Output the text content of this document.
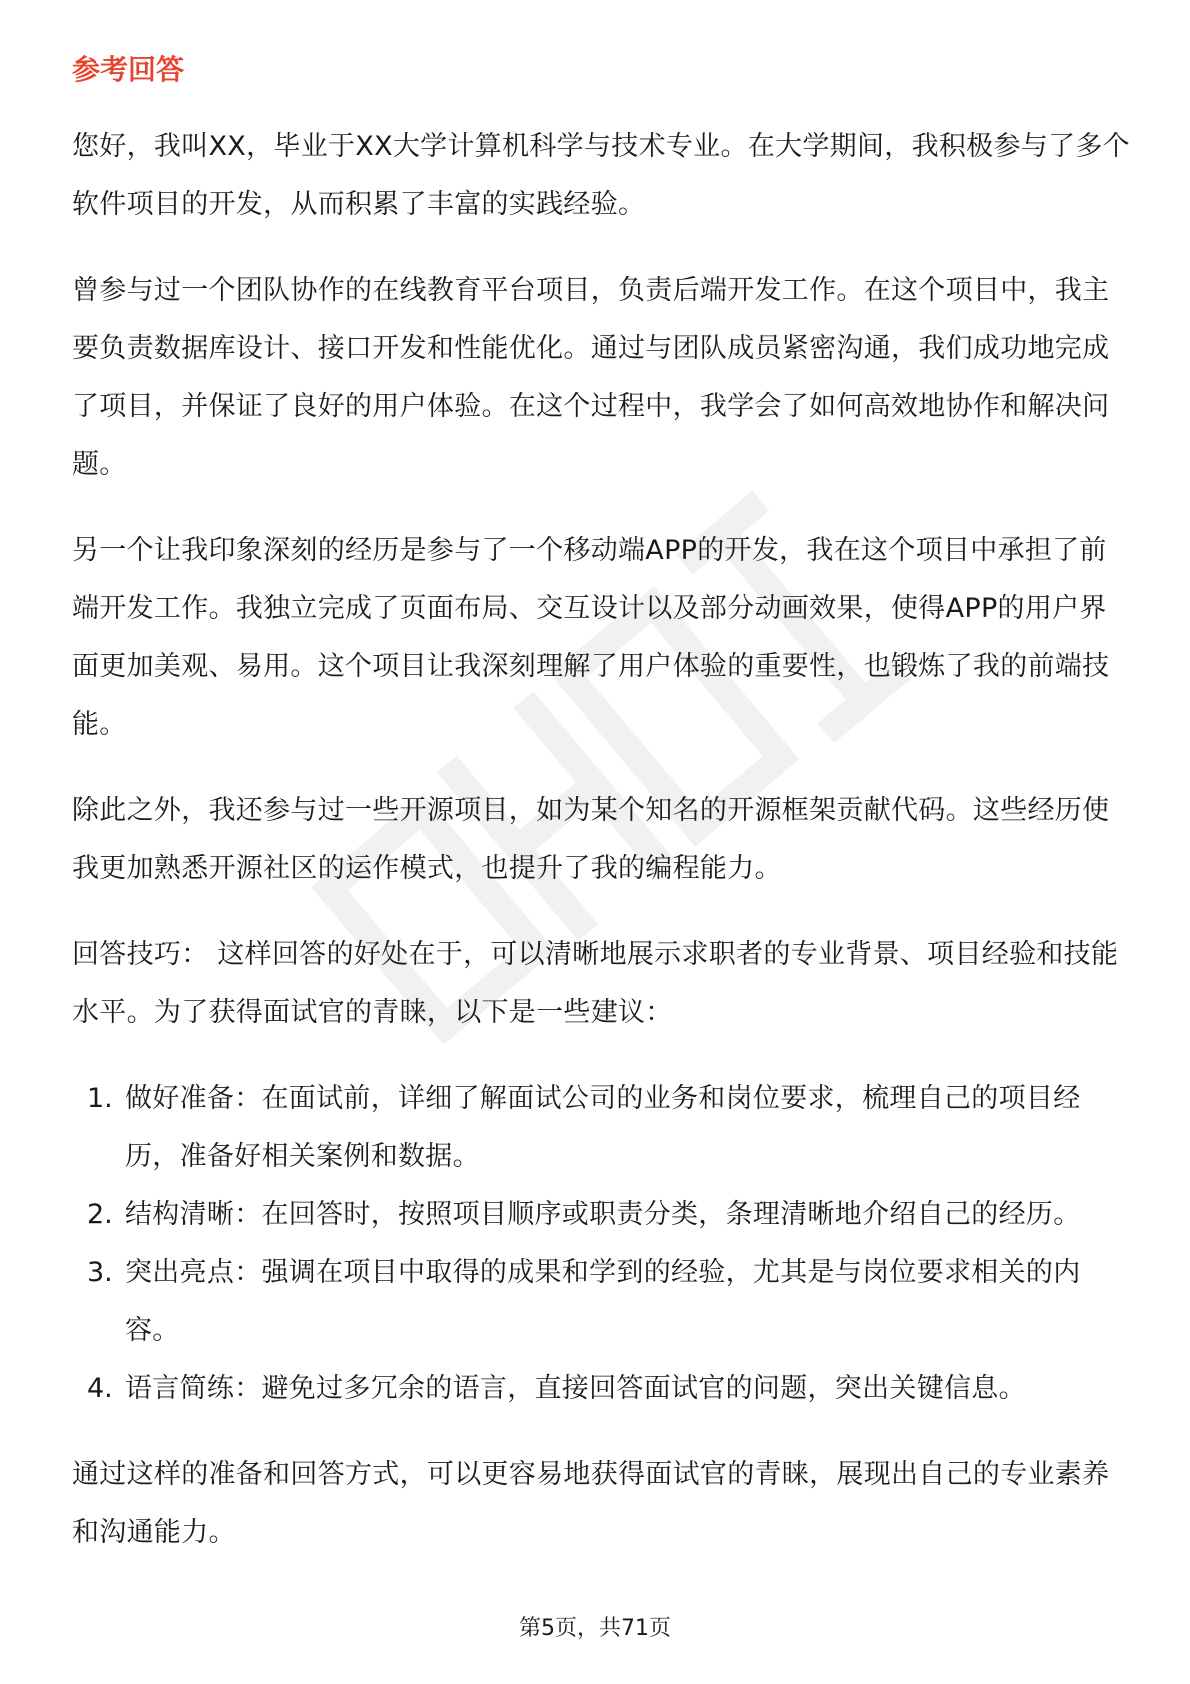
参考回答

您好，我叫XX，毕业于XX大学计算机科学与技术专业。在大学期间，我积极参与了多个软件项目的开发，从而积累了丰富的实践经验。

曾参与过一个团队协作的在线教育平台项目，负责后端开发工作。在这个项目中，我主要负责数据库设计、接口开发和性能优化。通过与团队成员紧密沟通，我们成功地完成了项目，并保证了良好的用户体验。在这个过程中，我学会了如何高效地协作和解决问题。

另一个让我印象深刻的经历是参与了一个移动端APP的开发，我在这个项目中承担了前端开发工作。我独立完成了页面布局、交互设计以及部分动画效果，使得APP的用户界面更加美观、易用。这个项目让我深刻理解了用户体验的重要性，也锻炼了我的前端技能。

除此之外，我还参与过一些开源项目，如为某个知名的开源框架贡献代码。这些经历使我更加熟悉开源社区的运作模式，也提升了我的编程能力。

回答技巧： 这样回答的好处在于，可以清晰地展示求职者的专业背景、项目经验和技能水平。为了获得面试官的青睐，以下是一些建议：

1. 做好准备：在面试前，详细了解面试公司的业务和岗位要求，梳理自己的项目经历，准备好相关案例和数据。

2. 结构清晰：在回答时，按照项目顺序或职责分类，条理清晰地介绍自己的经历。

3. 突出亮点：强调在项目中取得的成果和学到的经验，尤其是与岗位要求相关的内容。

4. 语言简练：避免过多冗余的语言，直接回答面试官的问题，突出关键信息。

通过这样的准备和回答方式，可以更容易地获得面试官的青睐，展现出自己的专业素养和沟通能力。

第5页，共71页
